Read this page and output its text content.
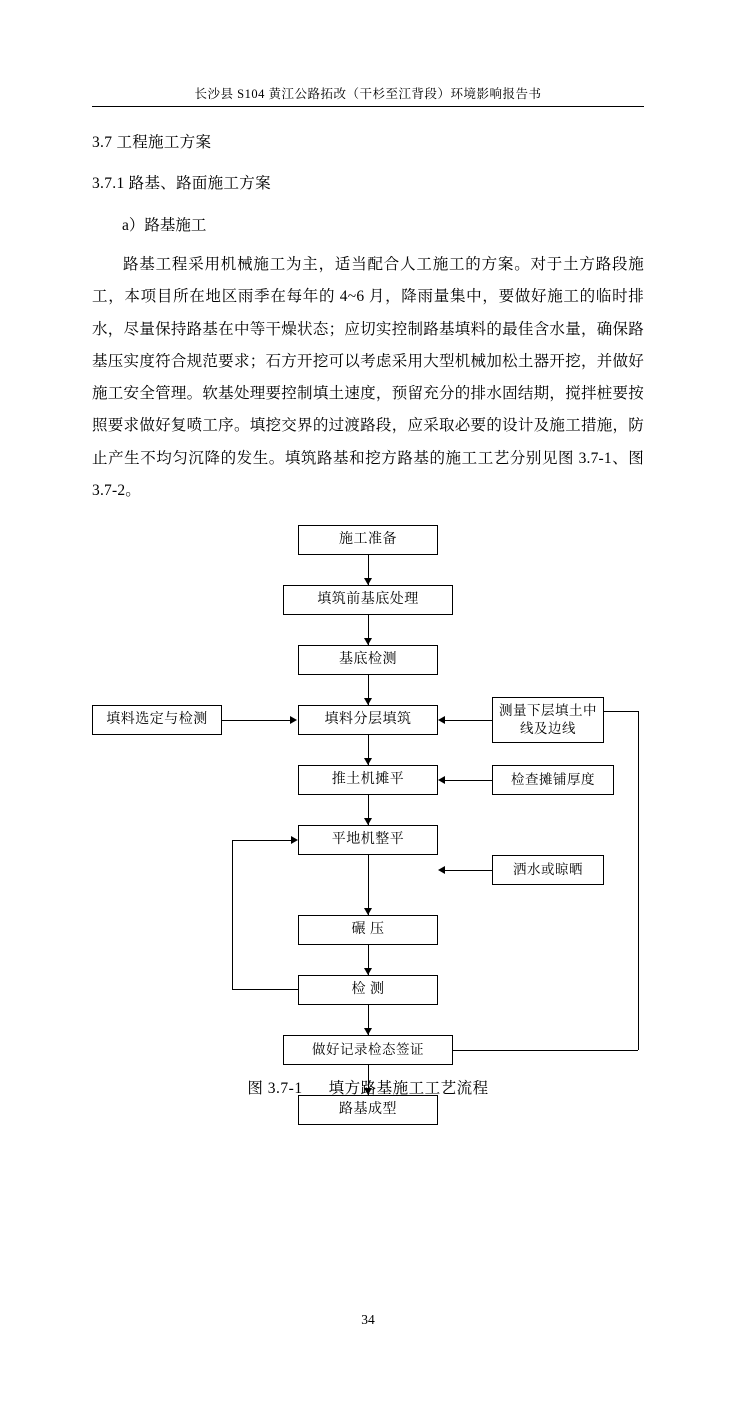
长沙县 S104 黄江公路拓改（干杉至江背段）环境影响报告书
3.7 工程施工方案
3.7.1 路基、路面施工方案

a）路基施工

路基工程采用机械施工为主，适当配合人工施工的方案。对于土方路段施工，本项目所在地区雨季在每年的 4~6 月，降雨量集中，要做好施工的临时排水，尽量保持路基在中等干燥状态；应切实控制路基填料的最佳含水量，确保路基压实度符合规范要求；石方开挖可以考虑采用大型机械加松土器开挖，并做好施工安全管理。软基处理要控制填土速度，预留充分的排水固结期，搅拌桩要按照要求做好复喷工序。填挖交界的过渡路段，应采取必要的设计及施工措施，防止产生不均匀沉降的发生。填筑路基和挖方路基的施工工艺分别见图 3.7-1、图 3.7-2。

施工准备
填筑前基底处理
基底检测
填料选定与检测	填料分层填筑
测量下层填土中线及边线
推土机摊平	检查摊铺厚度
平地机整平
洒水或晾晒
碾 压
检 测
做好记录检态签证
路基成型
图 3.7-1 填方路基施工工艺流程
34
